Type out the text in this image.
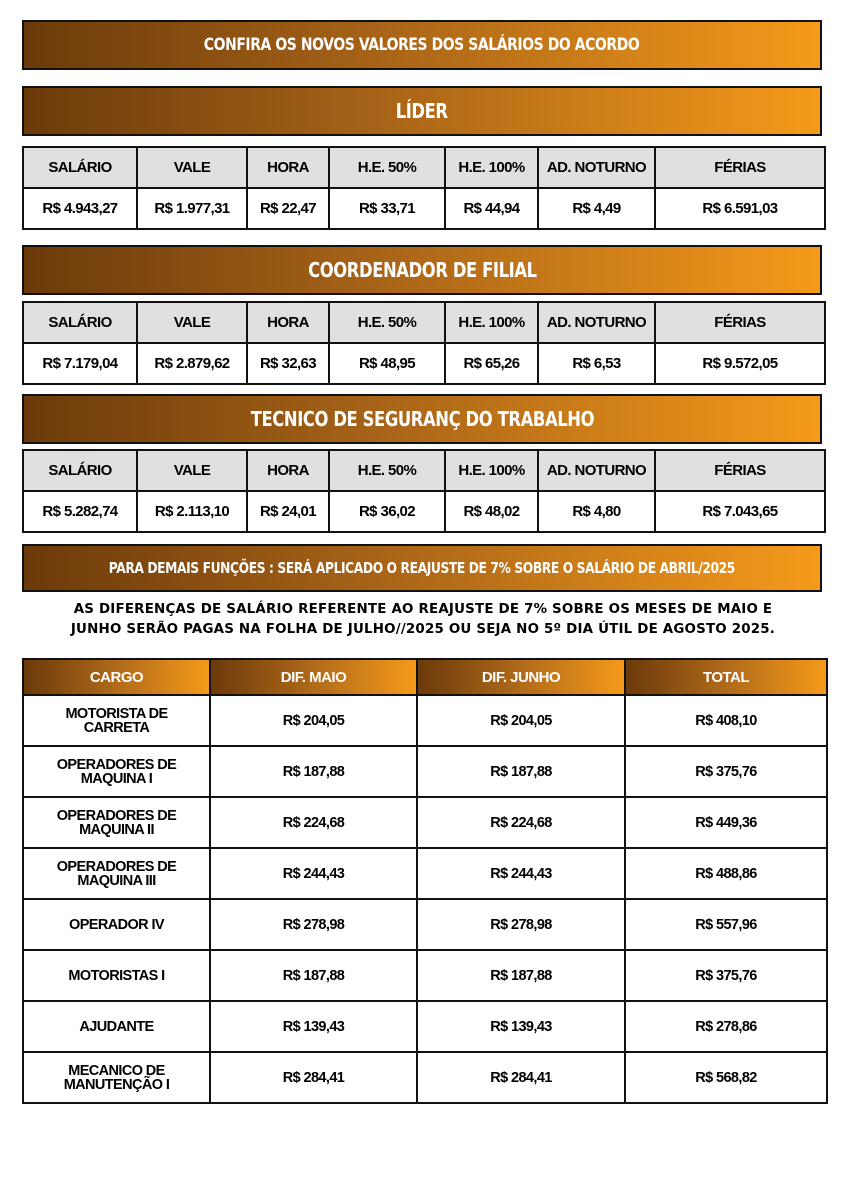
CONFIRA OS NOVOS VALORES DOS SALÁRIOS DO ACORDO
LÍDER
SALÁRIO	VALE	HORA	H.E. 50%	H.E. 100%	AD. NOTURNO	FÉRIAS
R$ 4.943,27	R$ 1.977,31	R$ 22,47	R$ 33,71	R$ 44,94	R$ 4,49	R$ 6.591,03
COORDENADOR DE FILIAL
SALÁRIO	VALE	HORA	H.E. 50%	H.E. 100%	AD. NOTURNO	FÉRIAS
R$ 7.179,04	R$ 2.879,62	R$ 32,63	R$ 48,95	R$ 65,26	R$ 6,53	R$ 9.572,05
TECNICO DE SEGURANÇ DO TRABALHO
SALÁRIO	VALE	HORA	H.E. 50%	H.E. 100%	AD. NOTURNO	FÉRIAS
R$ 5.282,74	R$ 2.113,10	R$ 24,01	R$ 36,02	R$ 48,02	R$ 4,80	R$ 7.043,65
PARA DEMAIS FUNÇÕES : SERÁ APLICADO O REAJUSTE DE 7% SOBRE O SALÁRIO DE ABRIL/2025
AS DIFERENÇAS DE SALÁRIO REFERENTE AO REAJUSTE DE 7% SOBRE OS MESES DE MAIO E
JUNHO SERÃO PAGAS NA FOLHA DE JULHO//2025 OU SEJA NO 5º DIA ÚTIL DE AGOSTO 2025.
CARGO	DIF. MAIO	DIF. JUNHO	TOTAL

MOTORISTA DE
CARRETA	R$ 204,05	R$ 204,05	R$ 408,10

OPERADORES DE
MAQUINA I	R$ 187,88	R$ 187,88	R$ 375,76

OPERADORES DE
MAQUINA II	R$ 224,68	R$ 224,68	R$ 449,36

OPERADORES DE
MAQUINA III	R$ 244,43	R$ 244,43	R$ 488,86

OPERADOR IV	R$ 278,98	R$ 278,98	R$ 557,96

MOTORISTAS I	R$ 187,88	R$ 187,88	R$ 375,76

AJUDANTE	R$ 139,43	R$ 139,43	R$ 278,86

MECANICO DE
MANUTENÇÃO I	R$ 284,41	R$ 284,41	R$ 568,82
